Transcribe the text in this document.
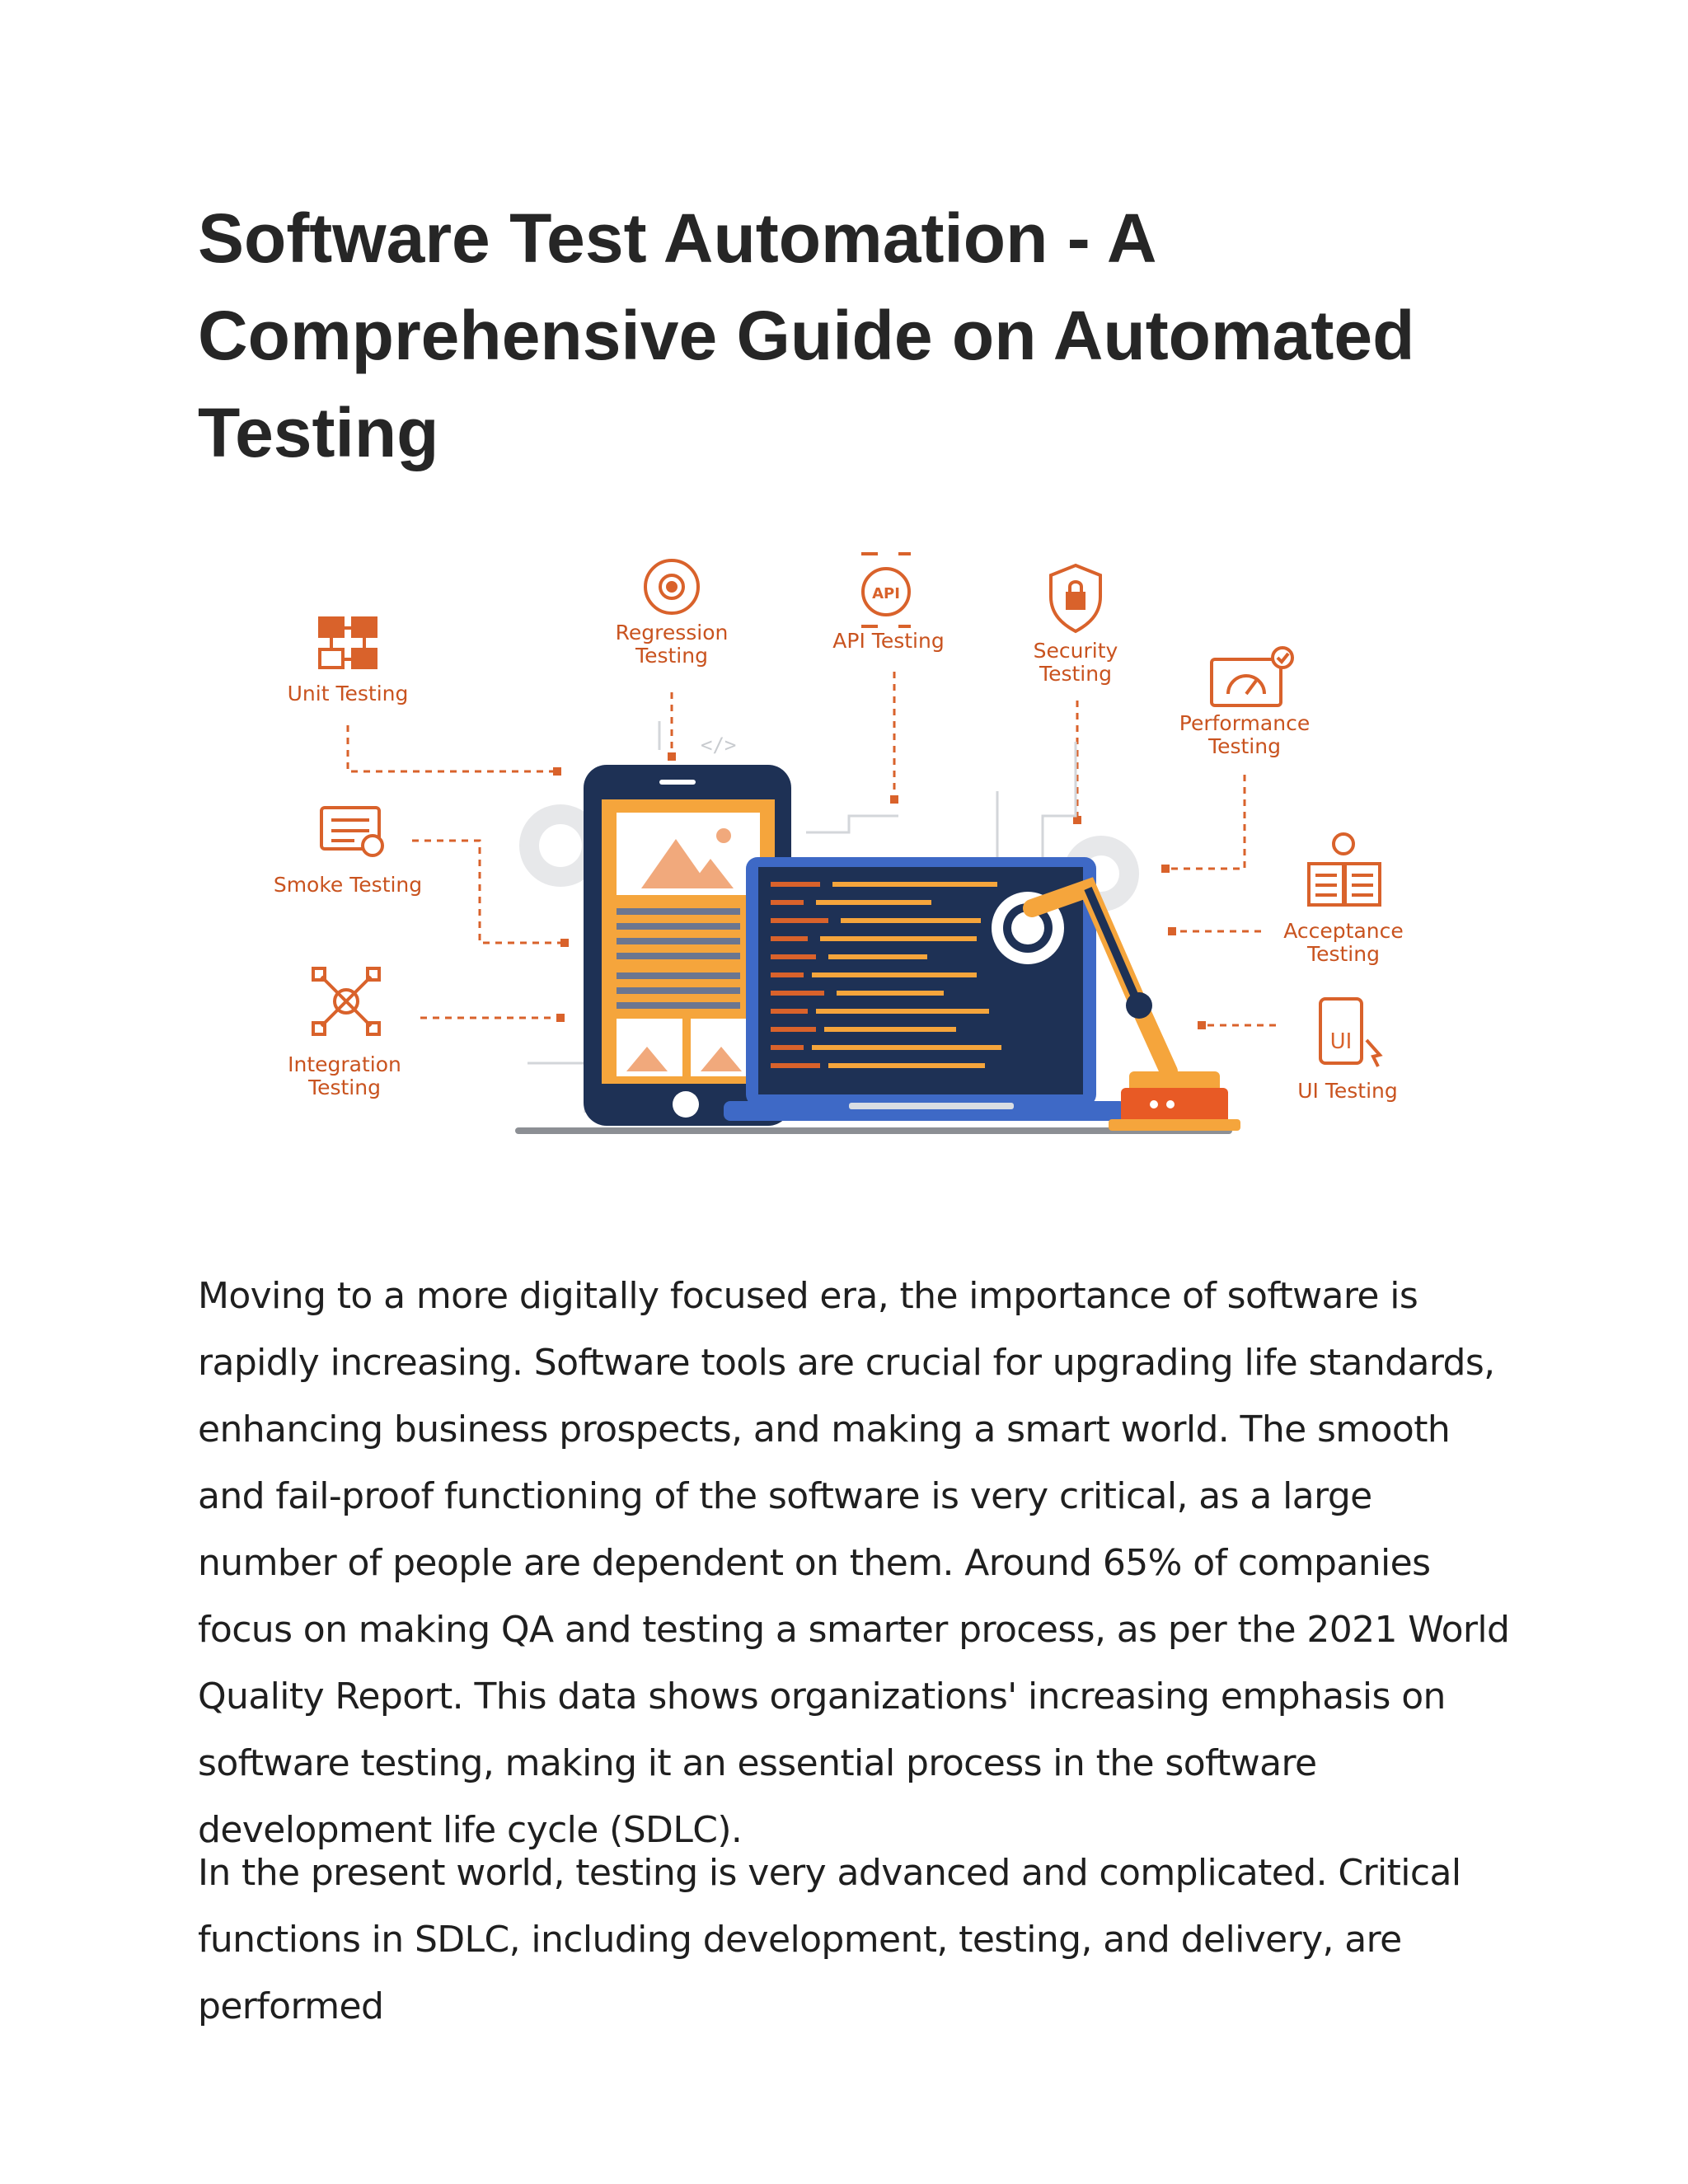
Software Test Automation - A Comprehensive Guide on Automated Testing
</>
Unit Testing
Smoke Testing
Integration
Testing
Regression
Testing
API
API Testing	Security
Testing
Performance
Testing
Acceptance
Testing
UI
UI Testing

Moving to a more digitally focused era, the importance of software is rapidly increasing. Software tools are crucial for upgrading life standards, enhancing business prospects, and making a smart world. The smooth and fail-proof functioning of the software is very critical, as a large number of people are dependent on them. Around 65% of companies focus on making QA and testing a smarter process, as per the 2021 World Quality Report. This data shows organizations' increasing emphasis on software testing, making it an essential process in the software development life cycle (SDLC).

In the present world, testing is very advanced and complicated. Critical functions in SDLC, including development, testing, and delivery, are performed
